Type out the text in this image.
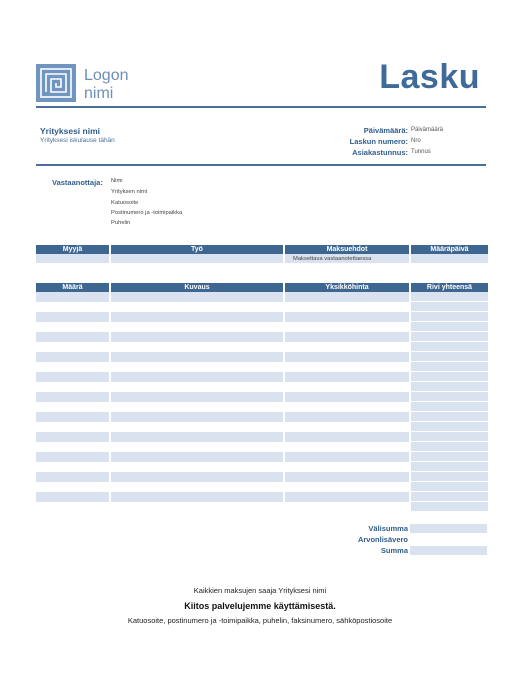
Logon
nimi	Lasku
Yrityksesi nimi
Yrityksesi iskulause tähän
Päivämäärä: Päivämäärä
Laskun numero: Nro
Asiakastunnus: Tunnus
Vastaanottaja: Nimi
Yrityksen nimi
Katuosoite
Postinumero ja -toimipaikka
Puhelin
Myyjä	Työ	Maksuehdot	Määräpäivä
		Maksettava vastaanotettaessa	
Määrä	Kuvaus	Yksikköhinta	Rivi yhteensä

Välisumma
Arvonlisävero
Summa
Kaikkien maksujen saaja Yrityksesi nimi
Kiitos palvelujemme käyttämisestä.
Katuosoite, postinumero ja -toimipaikka, puhelin, faksinumero, sähköpostiosoite
